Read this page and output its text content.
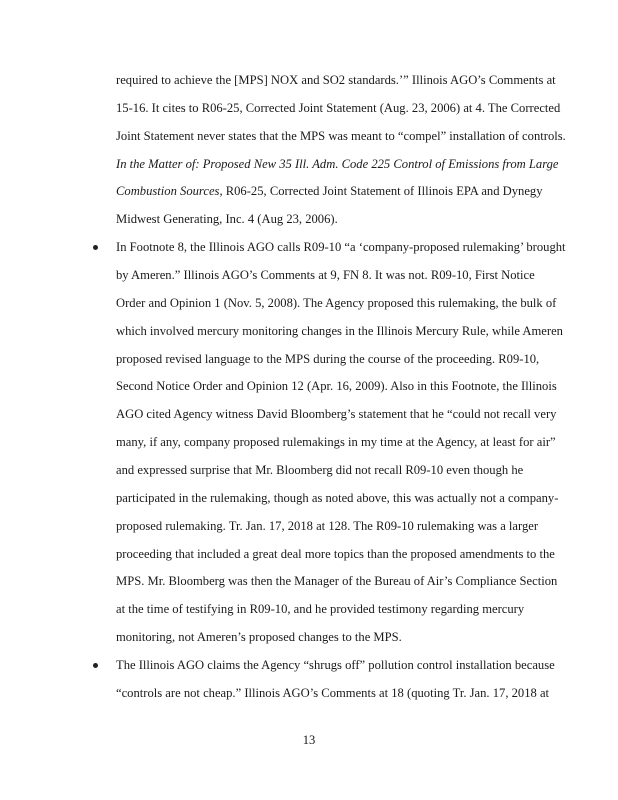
required to achieve the [MPS] NOX and SO2 standards.’” Illinois AGO’s Comments at
15-16. It cites to R06-25, Corrected Joint Statement (Aug. 23, 2006) at 4. The Corrected
Joint Statement never states that the MPS was meant to “compel” installation of controls.
In the Matter of: Proposed New 35 Ill. Adm. Code 225 Control of Emissions from Large
Combustion Sources, R06-25, Corrected Joint Statement of Illinois EPA and Dynegy
Midwest Generating, Inc. 4 (Aug 23, 2006).
In Footnote 8, the Illinois AGO calls R09-10 “a ‘company-proposed rulemaking’ brought
by Ameren.” Illinois AGO’s Comments at 9, FN 8. It was not. R09-10, First Notice
Order and Opinion 1 (Nov. 5, 2008). The Agency proposed this rulemaking, the bulk of
which involved mercury monitoring changes in the Illinois Mercury Rule, while Ameren
proposed revised language to the MPS during the course of the proceeding. R09-10,
Second Notice Order and Opinion 12 (Apr. 16, 2009). Also in this Footnote, the Illinois
AGO cited Agency witness David Bloomberg’s statement that he “could not recall very
many, if any, company proposed rulemakings in my time at the Agency, at least for air”
and expressed surprise that Mr. Bloomberg did not recall R09-10 even though he
participated in the rulemaking, though as noted above, this was actually not a company-
proposed rulemaking. Tr. Jan. 17, 2018 at 128. The R09-10 rulemaking was a larger
proceeding that included a great deal more topics than the proposed amendments to the
MPS. Mr. Bloomberg was then the Manager of the Bureau of Air’s Compliance Section
at the time of testifying in R09-10, and he provided testimony regarding mercury
monitoring, not Ameren’s proposed changes to the MPS.
The Illinois AGO claims the Agency “shrugs off” pollution control installation because
“controls are not cheap.” Illinois AGO’s Comments at 18 (quoting Tr. Jan. 17, 2018 at
13
